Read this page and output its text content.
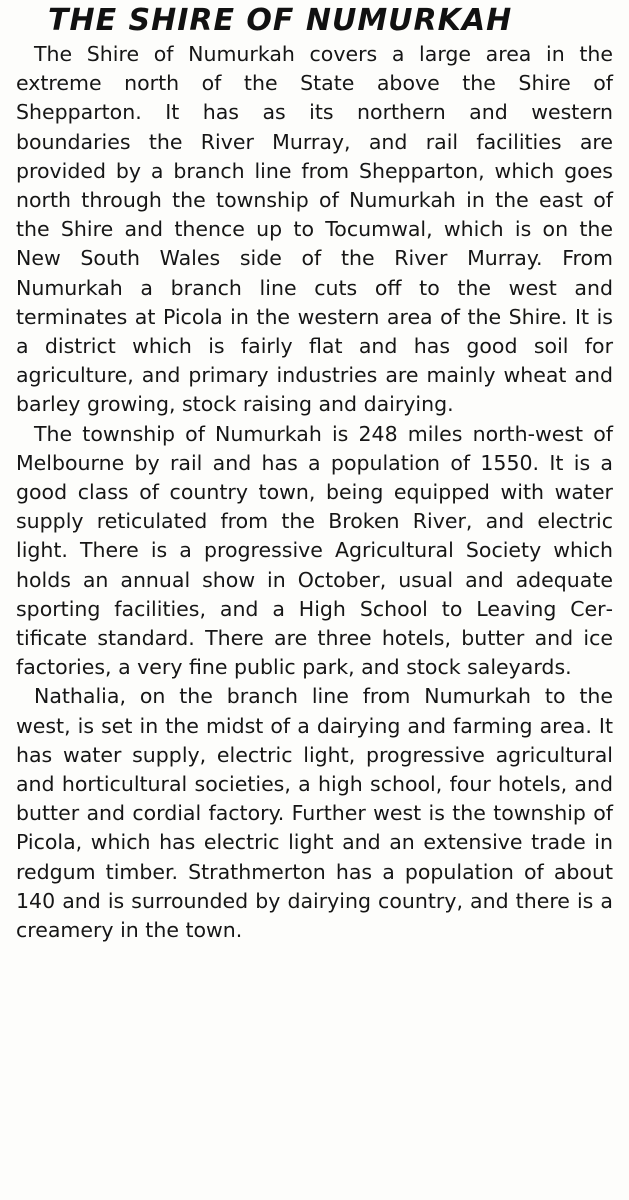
THE SHIRE OF NUMURKAH

The Shire of Numurkah covers a large area in the extreme north of the State above the Shire of Shepparton. It has as its northern and western boundaries the River Murray, and rail facilities are provided by a branch line from Shepparton, which goes north through the township of Numurkah in the east of the Shire and thence up to Tocumwal, which is on the New South Wales side of the River Murray. From Numurkah a branch line cuts off to the west and terminates at Picola in the western area of the Shire. It is a district which is fairly flat and has good soil for agriculture, and primary industries are mainly wheat and barley growing, stock raising and dairying.

The township of Numurkah is 248 miles north-west of Melbourne by rail and has a population of 1550. It is a good class of country town, being equipped with water supply reticulated from the Broken River, and electric light. There is a progressive Agricultural Society which holds an annual show in October, usual and adequate sporting facilities, and a High School to Leaving Certificate standard. There are three hotels, butter and ice factories, a very fine public park, and stock saleyards.

Nathalia, on the branch line from Numurkah to the west, is set in the midst of a dairying and farming area. It has water supply, electric light, progressive agricultural and horticultural societies, a high school, four hotels, and butter and cordial factory. Further west is the township of Picola, which has electric light and an extensive trade in redgum timber. Strathmerton has a population of about 140 and is surrounded by dairying country, and there is a creamery in the town.
